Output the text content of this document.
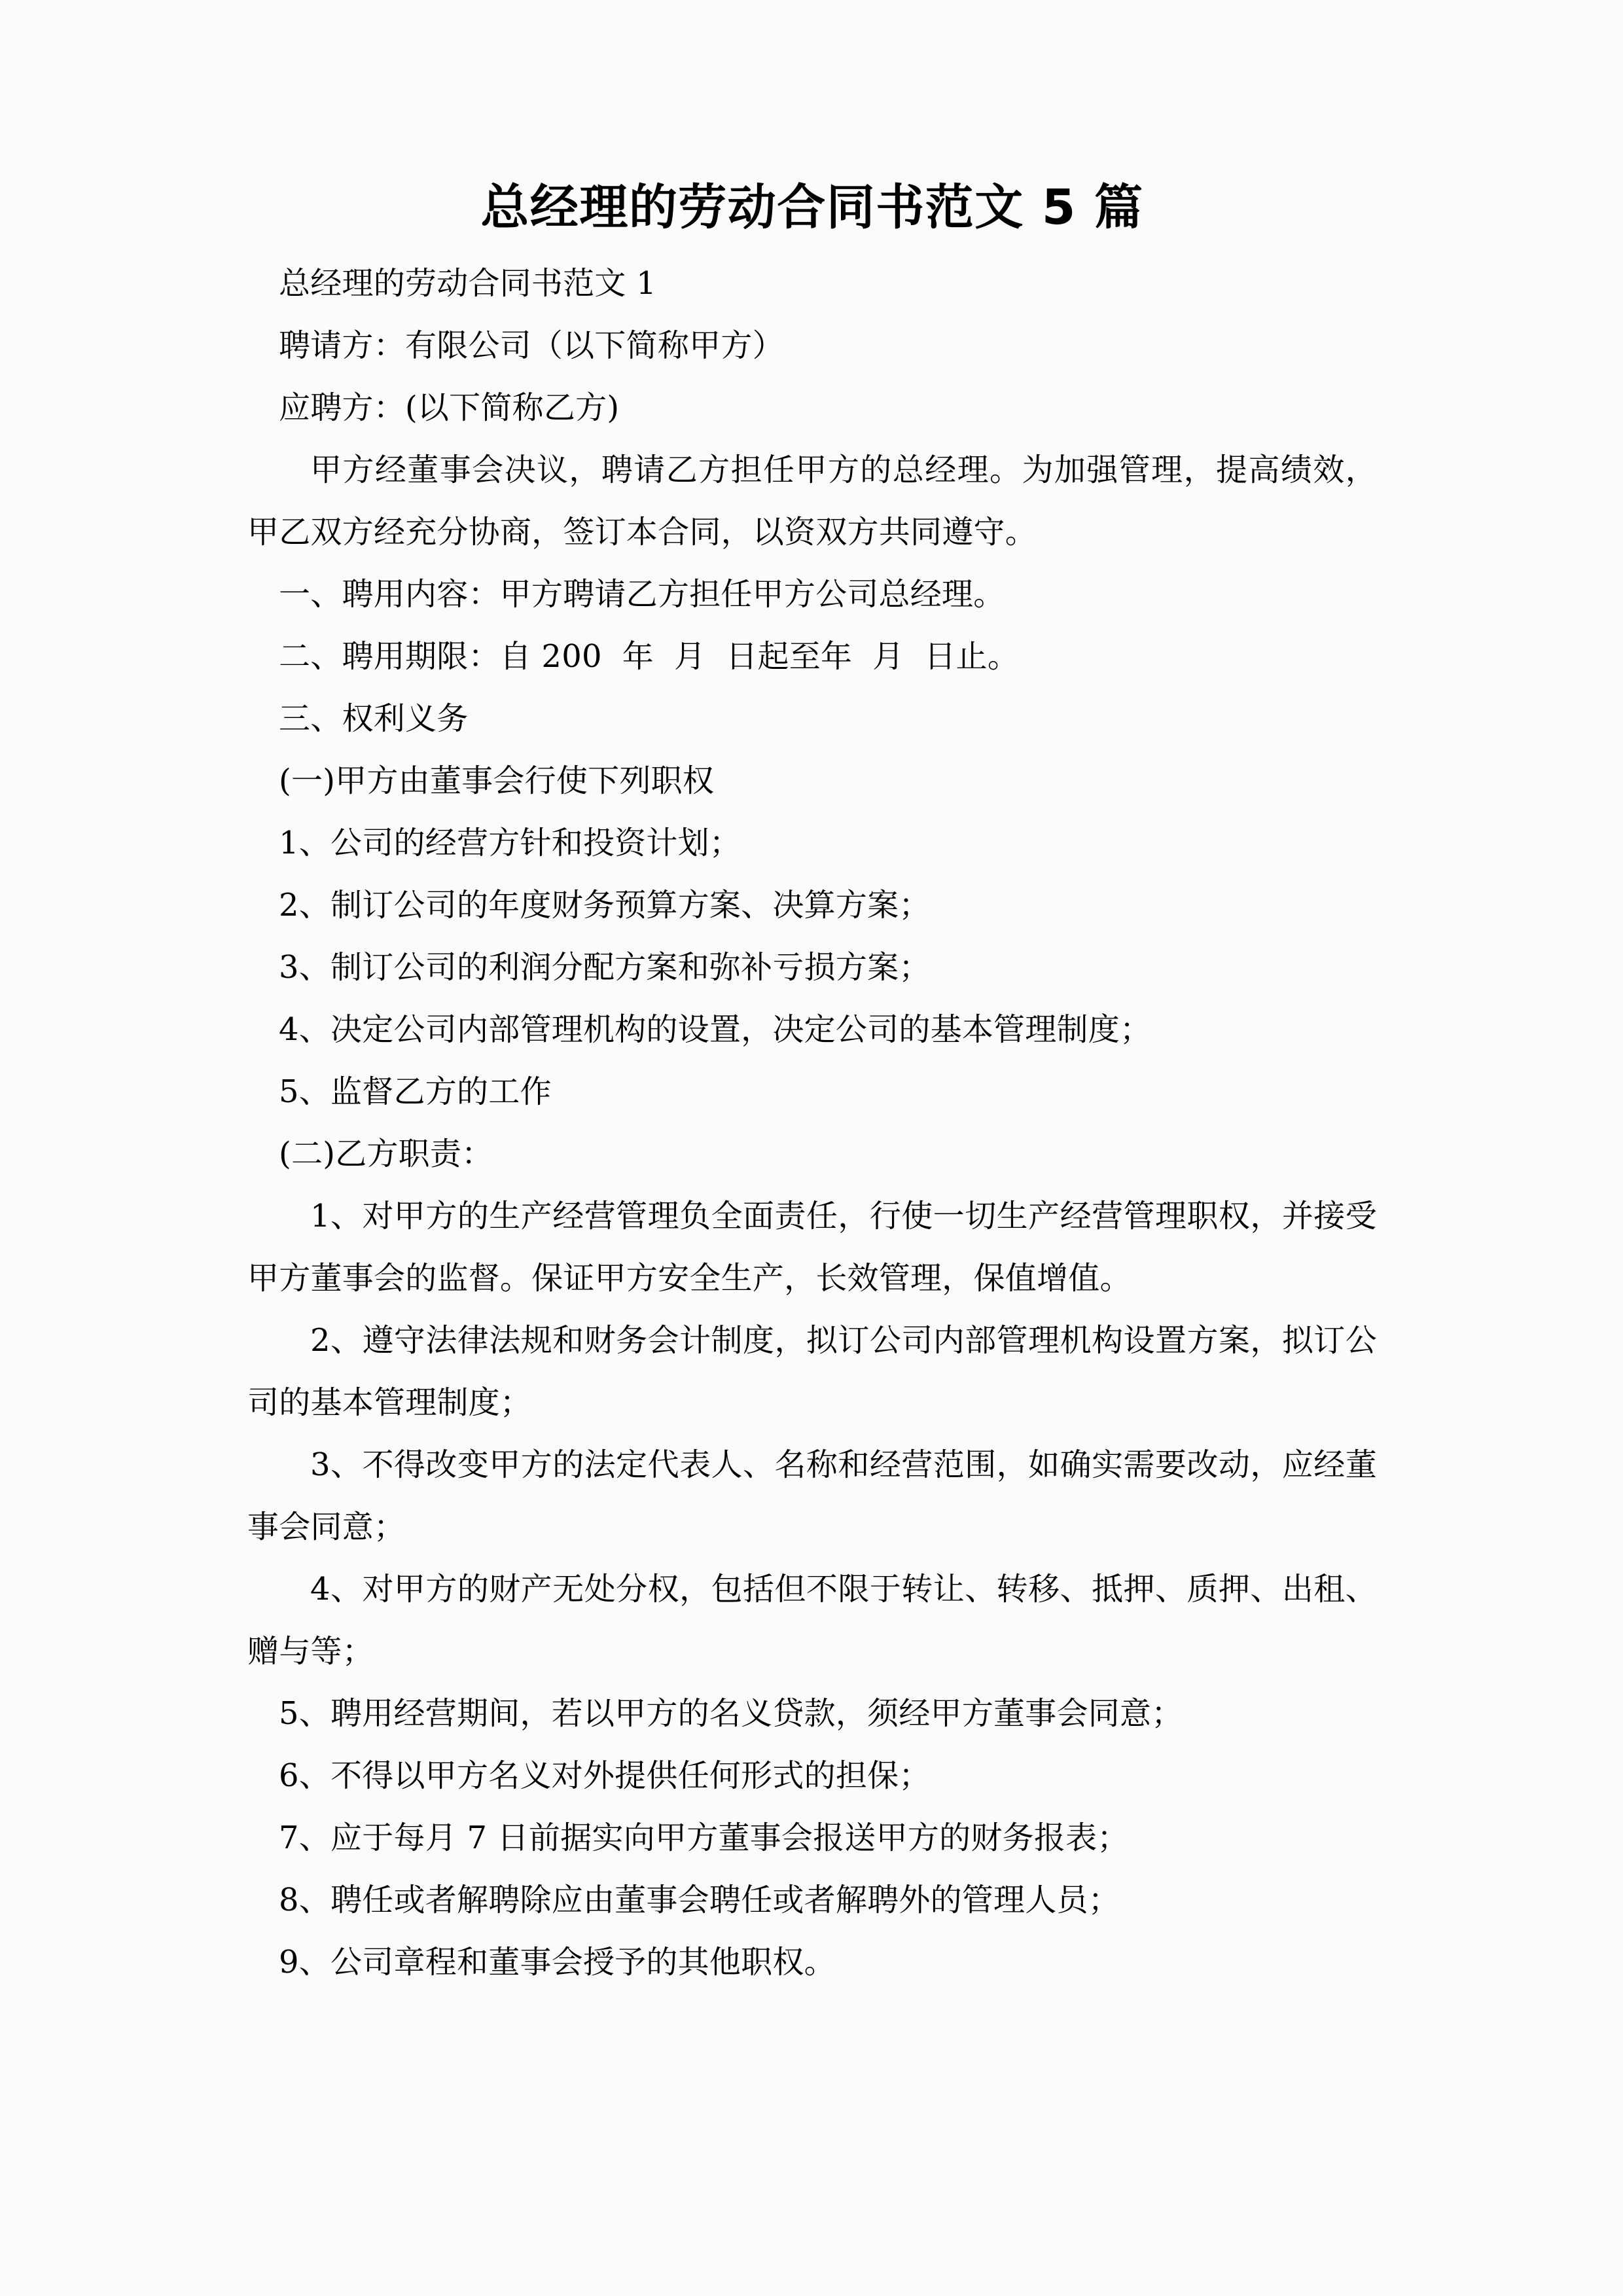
总经理的劳动合同书范文 5 篇

总经理的劳动合同书范文 1

聘请方：有限公司（以下简称甲方）

应聘方：(以下简称乙方)

甲方经董事会决议，聘请乙方担任甲方的总经理。为加强管理，提高绩效，甲乙双方经充分协商，签订本合同，以资双方共同遵守。

一、聘用内容：甲方聘请乙方担任甲方公司总经理。

二、聘用期限：自 200  年  月  日起至年  月  日止。

三、权利义务

(一)甲方由董事会行使下列职权

1、公司的经营方针和投资计划；

2、制订公司的年度财务预算方案、决算方案；

3、制订公司的利润分配方案和弥补亏损方案；

4、决定公司内部管理机构的设置，决定公司的基本管理制度；

5、监督乙方的工作

(二)乙方职责：

1、对甲方的生产经营管理负全面责任，行使一切生产经营管理职权，并接受甲方董事会的监督。保证甲方安全生产，长效管理，保值增值。

2、遵守法律法规和财务会计制度，拟订公司内部管理机构设置方案，拟订公司的基本管理制度；

3、不得改变甲方的法定代表人、名称和经营范围，如确实需要改动，应经董事会同意；

4、对甲方的财产无处分权，包括但不限于转让、转移、抵押、质押、出租、赠与等；

5、聘用经营期间，若以甲方的名义贷款，须经甲方董事会同意；

6、不得以甲方名义对外提供任何形式的担保；

7、应于每月 7 日前据实向甲方董事会报送甲方的财务报表；

8、聘任或者解聘除应由董事会聘任或者解聘外的管理人员；

9、公司章程和董事会授予的其他职权。
